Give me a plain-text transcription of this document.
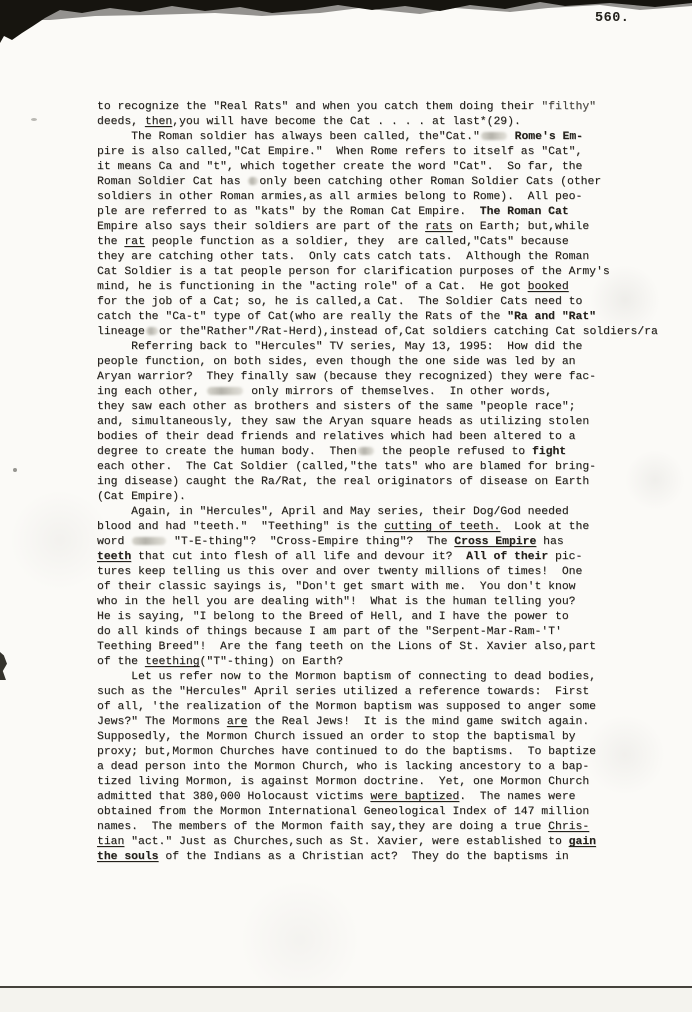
560.
to recognize the "Real Rats" and when you catch them doing their "filthy"
deeds, then,you will have become the Cat . . . . at last*(29).
The Roman soldier has always been called, the"Cat."	Rome's Em-
pire is also called,"Cat Empire."  When Rome refers to itself as "Cat",
it means Ca and "t", which together create the word "Cat".  So far, the
Roman Soldier Cat has only been catching other Roman Soldier Cats (other
soldiers in other Roman armies,as all armies belong to Rome).  All peo-
ple are referred to as "kats" by the Roman Cat Empire.  The Roman Cat
Empire also says their soldiers are part of the rats on Earth; but,while
the rat people function as a soldier, they  are called,"Cats" because
they are catching other tats.  Only cats catch tats.  Although the Roman
Cat Soldier is a tat people person for clarification purposes of the Army's
mind, he is functioning in the "acting role" of a Cat.  He got booked
for the job of a Cat; so, he is called,a Cat.  The Soldier Cats need to
catch the "Ca-t" type of Cat(who are really the Rats of the "Ra and "Rat"
lineage or the"Rather"/Rat-Herd),instead of,Cat soldiers catching Cat soldiers/ra
Referring back to "Hercules" TV series, May 13, 1995:  How did the
people function, on both sides, even though the one side was led by an
Aryan warrior?  They finally saw (because they recognized) they were fac-
ing each other,	only mirrors of themselves.  In other words,
they saw each other as brothers and sisters of the same "people race";
and, simultaneously, they saw the Aryan square heads as utilizing stolen
bodies of their dead friends and relatives which had been altered to a
degree to create the human body.  Then the people refused to fight
each other.  The Cat Soldier (called,"the tats" who are blamed for bring-
ing disease) caught the Ra/Rat, the real originators of disease on Earth
(Cat Empire).
Again, in "Hercules", April and May series, their Dog/God needed
blood and had "teeth."  "Teething" is the cutting of teeth.  Look at the
word	"T-E-thing"?  "Cross-Empire thing"?  The Cross Empire has
teeth that cut into flesh of all life and devour it?  All of their pic-
tures keep telling us this over and over twenty millions of times!  One
of their classic sayings is, "Don't get smart with me.  You don't know
who in the hell you are dealing with"!  What is the human telling you?
He is saying, "I belong to the Breed of Hell, and I have the power to
do all kinds of things because I am part of the "Serpent-Mar-Ram-'T'
Teething Breed"!  Are the fang teeth on the Lions of St. Xavier also,part
of the teething("T"-thing) on Earth?
Let us refer now to the Mormon baptism of connecting to dead bodies,
such as the "Hercules" April series utilized a reference towards:  First
of all, 'the realization of the Mormon baptism was supposed to anger some
Jews?" The Mormons are the Real Jews!  It is the mind game switch again.
Supposedly, the Mormon Church issued an order to stop the baptismal by
proxy; but,Mormon Churches have continued to do the baptisms.  To baptize
a dead person into the Mormon Church, who is lacking ancestory to a bap-
tized living Mormon, is against Mormon doctrine.  Yet, one Mormon Church
admitted that 380,000 Holocaust victims were baptized.  The names were
obtained from the Mormon International Geneological Index of 147 million
names.  The members of the Mormon faith say,they are doing a true Chris-
tian "act." Just as Churches,such as St. Xavier, were established to gain
the souls of the Indians as a Christian act?  They do the baptisms in
